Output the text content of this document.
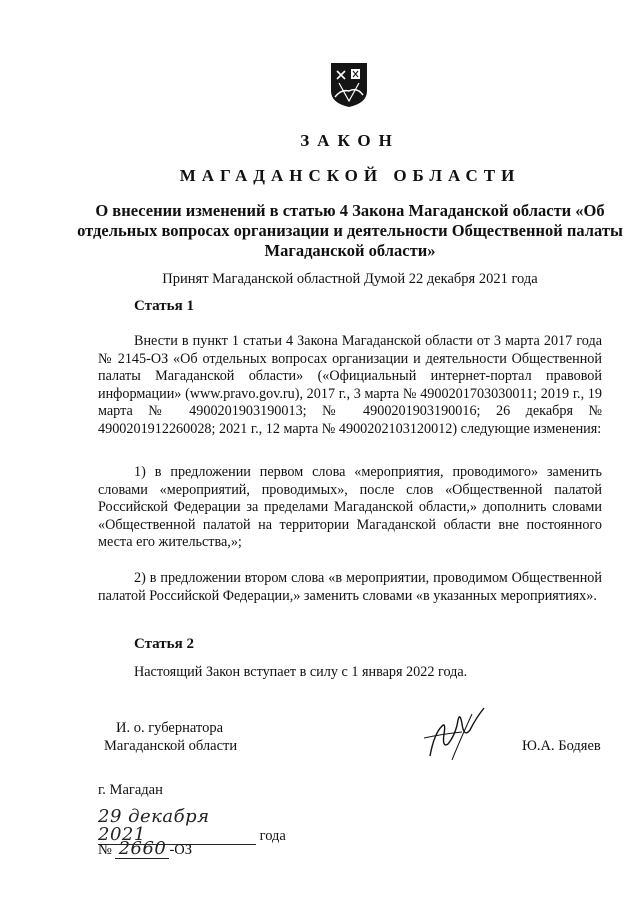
ЗАКОН
МАГАДАНСКОЙ ОБЛАСТИ
О внесении изменений в статью 4 Закона Магаданской области «Об отдельных вопросах организации и деятельности Общественной палаты Магаданской области»
Принят Магаданской областной Думой 22 декабря 2021 года
Статья 1

Внести в пункт 1 статьи 4 Закона Магаданской области от 3 марта 2017 года № 2145-ОЗ «Об отдельных вопросах организации и деятельности Общественной палаты Магаданской области» («Официальный интернет-портал правовой информации» (www.pravo.gov.ru), 2017 г., 3 марта № 4900201703030011; 2019 г., 19 марта № 4900201903190013; № 4900201903190016; 26 декабря № 4900201912260028; 2021 г., 12 марта № 4900202103120012) следующие изменения:

1) в предложении первом слова «мероприятия, проводимого» заменить словами «мероприятий, проводимых», после слов «Общественной палатой Российской Федерации за пределами Магаданской области,» дополнить словами «Общественной палатой на территории Магаданской области вне постоянного места его жительства,»;

2) в предложении втором слова «в мероприятии, проводимом Общественной палатой Российской Федерации,» заменить словами «в указанных мероприятиях».

Статья 2

Настоящий Закон вступает в силу с 1 января 2022 года.

И. о. губернатора
Магаданской области	Ю.А. Бодяев
г. Магадан
29 декабря 2021	года
№ 2660 -ОЗ
